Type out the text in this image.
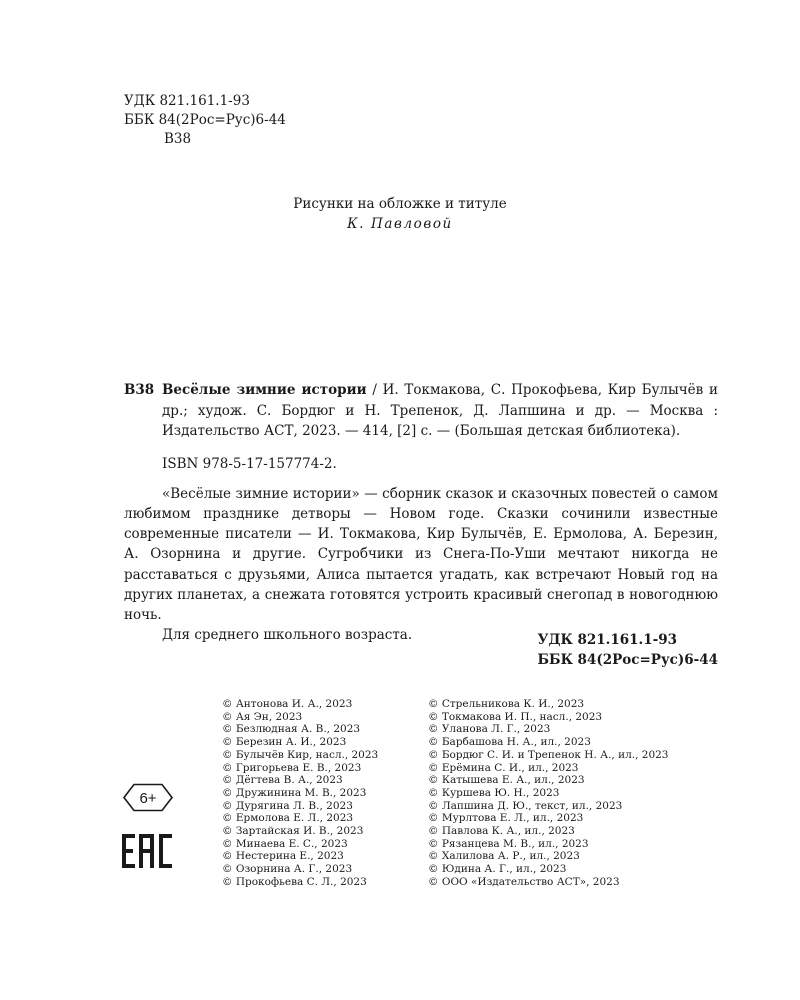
УДК 821.161.1-93
ББК 84(2Рос=Рус)6-44
В38
Рисунки на обложке и титуле
К. Павловой
В38 Весёлые зимние истории / И. Токмакова, С. Прокофьева, Кир Булычёв и др.; худож. С. Бордюг и Н. Трепенок, Д. Лапшина и др. — Москва : Издательство АСТ, 2023. — 414, [2] с. — (Большая детская библиотека).
ISBN 978-5-17-157774-2.
«Весёлые зимние истории» — сборник сказок и сказочных повестей о самом любимом празднике детворы — Новом годе. Сказки сочинили известные современные писатели — И. Токмакова, Кир Булычёв, Е. Ермолова, А. Березин, А. Озорнина и другие. Сугробчики из Снега-По-Уши мечтают никогда не расставаться с друзьями, Алиса пытается угадать, как встречают Новый год на других планетах, а снежата готовятся устроить красивый снегопад в новогоднюю ночь.
Для среднего школьного возраста.	УДК 821.161.1-93
ББК 84(2Рос=Рус)6-44
© Антонова И. А., 2023
© Ая Эн, 2023
© Безлюдная А. В., 2023
© Березин А. И., 2023
© Булычёв Кир, насл., 2023
© Григорьева Е. В., 2023
© Дёгтева В. А., 2023
© Дружинина М. В., 2023
© Дурягина Л. В., 2023
© Ермолова Е. Л., 2023
© Зартайская И. В., 2023
© Минаева Е. С., 2023
© Нестерина Е., 2023
© Озорнина А. Г., 2023
© Прокофьева С. Л., 2023
© Стрельникова К. И., 2023
© Токмакова И. П., насл., 2023
© Уланова Л. Г., 2023
© Барбашова Н. А., ил., 2023
© Бордюг С. И. и Трепенок Н. А., ил., 2023
© Ерёмина С. И., ил., 2023
© Катышева Е. А., ил., 2023
© Куршева Ю. Н., 2023
© Лапшина Д. Ю., текст, ил., 2023
© Мурлтова Е. Л., ил., 2023
© Павлова К. А., ил., 2023
© Рязанцева М. В., ил., 2023
© Халилова А. Р., ил., 2023
© Юдина А. Г., ил., 2023
© ООО «Издательство АСТ», 2023
6+
